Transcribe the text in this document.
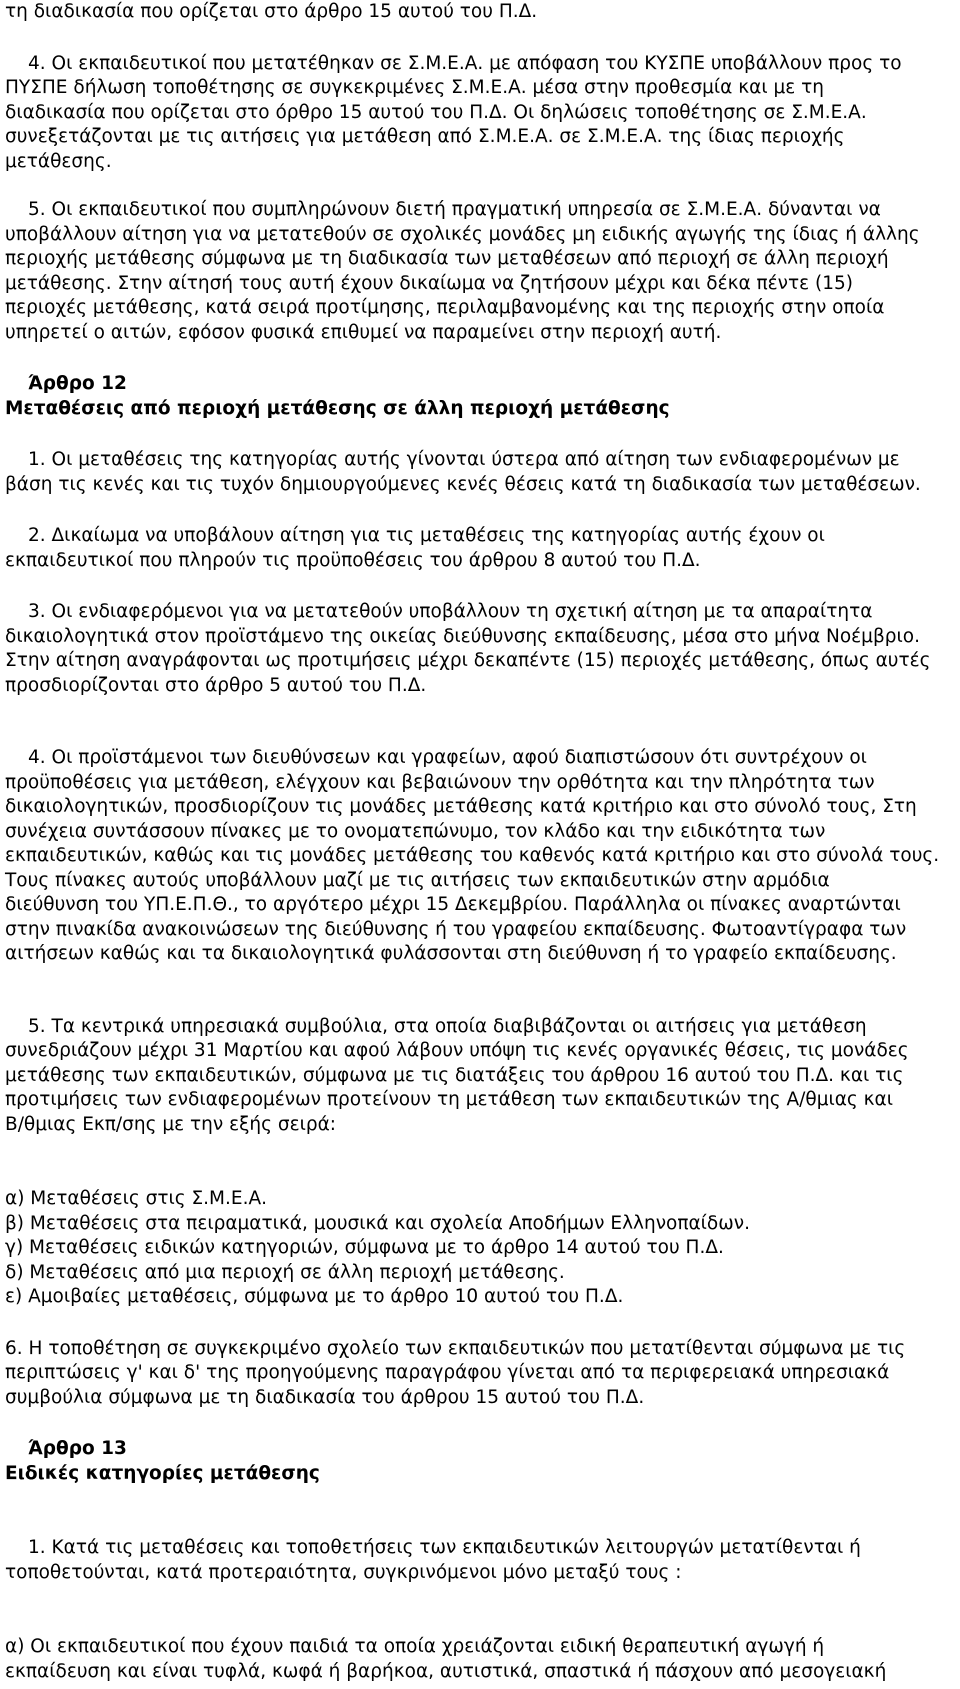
τη διαδικασία που ορίζεται στο άρθρο 15 αυτού του Π.Δ.
4. Οι εκπαιδευτικοί που μετατέθηκαν σε Σ.Μ.Ε.Α. με απόφαση του ΚΥΣΠΕ υποβάλλουν προς το
ΠΥΣΠΕ δήλωση τοποθέτησης σε συγκεκριμένες Σ.Μ.Ε.Α. μέσα στην προθεσμία και με τη
διαδικασία που ορίζεται στο όρθρο 15 αυτού του Π.Δ. Οι δηλώσεις τοποθέτησης σε Σ.Μ.Ε.Α.
συνεξετάζονται με τις αιτήσεις για μετάθεση από Σ.Μ.Ε.Α. σε Σ.Μ.Ε.Α. της ίδιας περιοχής
μετάθεσης.
5. Οι εκπαιδευτικοί που συμπληρώνουν διετή πραγματική υπηρεσία σε Σ.Μ.Ε.Α. δύνανται να
υποβάλλουν αίτηση για να μετατεθούν σε σχολικές μονάδες μη ειδικής αγωγής της ίδιας ή άλλης
περιοχής μετάθεσης σύμφωνα με τη διαδικασία των μεταθέσεων από περιοχή σε άλλη περιοχή
μετάθεσης. Στην αίτησή τους αυτή έχουν δικαίωμα να ζητήσουν μέχρι και δέκα πέντε (15)
περιοχές μετάθεσης, κατά σειρά προτίμησης, περιλαμβανομένης και της περιοχής στην οποία
υπηρετεί ο αιτών, εφόσον φυσικά επιθυμεί να παραμείνει στην περιοχή αυτή.
Άρθρο 12
Μεταθέσεις από περιοχή μετάθεσης σε άλλη περιοχή μετάθεσης
1. Οι μεταθέσεις της κατηγορίας αυτής γίνονται ύστερα από αίτηση των ενδιαφερομένων με
βάση τις κενές και τις τυχόν δημιουργούμενες κενές θέσεις κατά τη διαδικασία των μεταθέσεων.
2. Δικαίωμα να υποβάλουν αίτηση για τις μεταθέσεις της κατηγορίας αυτής έχουν οι
εκπαιδευτικοί που πληρούν τις προϋποθέσεις του άρθρου 8 αυτού του Π.Δ.
3. Οι ενδιαφερόμενοι για να μετατεθούν υποβάλλουν τη σχετική αίτηση με τα απαραίτητα
δικαιολογητικά στον προϊστάμενο της οικείας διεύθυνσης εκπαίδευσης, μέσα στο μήνα Νοέμβριο.
Στην αίτηση αναγράφονται ως προτιμήσεις μέχρι δεκαπέντε (15) περιοχές μετάθεσης, όπως αυτές
προσδιορίζονται στο άρθρο 5 αυτού του Π.Δ.
4. Οι προϊστάμενοι των διευθύνσεων και γραφείων, αφού διαπιστώσουν ότι συντρέχουν οι
προϋποθέσεις για μετάθεση, ελέγχουν και βεβαιώνουν την ορθότητα και την πληρότητα των
δικαιολογητικών, προσδιορίζουν τις μονάδες μετάθεσης κατά κριτήριο και στο σύνολό τους, Στη
συνέχεια συντάσσουν πίνακες με το ονοματεπώνυμο, τον κλάδο και την ειδικότητα των
εκπαιδευτικών, καθώς και τις μονάδες μετάθεσης του καθενός κατά κριτήριο και στο σύνολά τους.
Τους πίνακες αυτούς υποβάλλουν μαζί με τις αιτήσεις των εκπαιδευτικών στην αρμόδια
διεύθυνση του ΥΠ.Ε.Π.Θ., το αργότερο μέχρι 15 Δεκεμβρίου. Παράλληλα οι πίνακες αναρτώνται
στην πινακίδα ανακοινώσεων της διεύθυνσης ή του γραφείου εκπαίδευσης. Φωτοαντίγραφα των
αιτήσεων καθώς και τα δικαιολογητικά φυλάσσονται στη διεύθυνση ή το γραφείο εκπαίδευσης.
5. Τα κεντρικά υπηρεσιακά συμβούλια, στα οποία διαβιβάζονται οι αιτήσεις για μετάθεση
συνεδριάζουν μέχρι 31 Μαρτίου και αφού λάβουν υπόψη τις κενές οργανικές θέσεις, τις μονάδες
μετάθεσης των εκπαιδευτικών, σύμφωνα με τις διατάξεις του άρθρου 16 αυτού του Π.Δ. και τις
προτιμήσεις των ενδιαφερομένων προτείνουν τη μετάθεση των εκπαιδευτικών της Α/θμιας και
Β/θμιας Εκπ/σης με την εξής σειρά:
α) Μεταθέσεις στις Σ.Μ.Ε.Α.
β) Μεταθέσεις στα πειραματικά, μουσικά και σχολεία Αποδήμων Ελληνοπαίδων.
γ) Μεταθέσεις ειδικών κατηγοριών, σύμφωνα με το άρθρο 14 αυτού του Π.Δ.
δ) Μεταθέσεις από μια περιοχή σε άλλη περιοχή μετάθεσης.
ε) Αμοιβαίες μεταθέσεις, σύμφωνα με το άρθρο 10 αυτού του Π.Δ.
6. Η τοποθέτηση σε συγκεκριμένο σχολείο των εκπαιδευτικών που μετατίθενται σύμφωνα με τις
περιπτώσεις γ' και δ' της προηγούμενης παραγράφου γίνεται από τα περιφερειακά υπηρεσιακά
συμβούλια σύμφωνα με τη διαδικασία του άρθρου 15 αυτού του Π.Δ.
Άρθρο 13
Ειδικές κατηγορίες μετάθεσης
1. Κατά τις μεταθέσεις και τοποθετήσεις των εκπαιδευτικών λειτουργών μετατίθενται ή
τοποθετούνται, κατά προτεραιότητα, συγκρινόμενοι μόνο μεταξύ τους :
α) Οι εκπαιδευτικοί που έχουν παιδιά τα οποία χρειάζονται ειδική θεραπευτική αγωγή ή
εκπαίδευση και είναι τυφλά, κωφά ή βαρήκοα, αυτιστικά, σπαστικά ή πάσχουν από μεσογειακή
